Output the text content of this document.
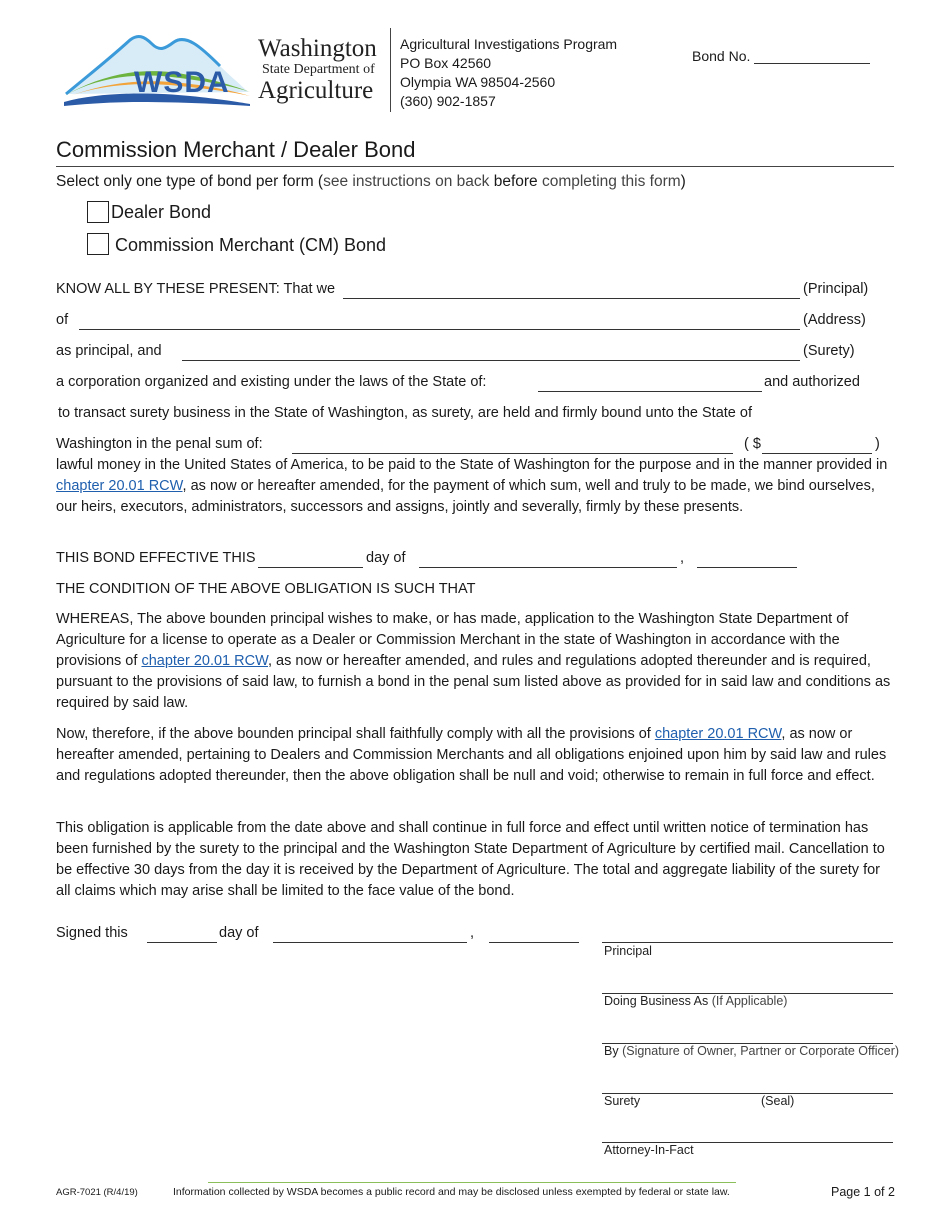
WSDA
Washington
State Department of
Agriculture
Agricultural Investigations Program
PO Box 42560
Olympia WA 98504-2560
(360) 902-1857
Bond No.
Commission Merchant / Dealer Bond
Select only one type of bond per form (see instructions on back before completing this form)
Dealer Bond
Commission Merchant (CM) Bond
KNOW ALL BY THESE PRESENT: That we	(Principal)
of	(Address)
as principal, and	(Surety)
a corporation organized and existing under the laws of the State of:	and authorized
to transact surety business in the State of Washington, as surety, are held and firmly bound unto the State of
Washington in the penal sum of:	( $	)
lawful money in the United States of America, to be paid to the State of Washington for the purpose and in the manner provided in chapter 20.01 RCW, as now or hereafter amended, for the payment of which sum, well and truly to be made, we bind ourselves, our heirs, executors, administrators, successors and assigns, jointly and severally, firmly by these presents.
THIS BOND EFFECTIVE THIS	day of	,
THE CONDITION OF THE ABOVE OBLIGATION IS SUCH THAT
WHEREAS, The above bounden principal wishes to make, or has made, application to the Washington State Department of Agriculture for a license to operate as a Dealer or Commission Merchant in the state of Washington in accordance with the provisions of chapter 20.01 RCW, as now or hereafter amended, and rules and regulations adopted thereunder and is required, pursuant to the provisions of said law, to furnish a bond in the penal sum listed above as provided for in said law and conditions as required by said law.
Now, therefore, if the above bounden principal shall faithfully comply with all the provisions of chapter 20.01 RCW, as now or hereafter amended, pertaining to Dealers and Commission Merchants and all obligations enjoined upon him by said law and rules and regulations adopted thereunder, then the above obligation shall be null and void; otherwise to remain in full force and effect.
This obligation is applicable from the date above and shall continue in full force and effect until written notice of termination has been furnished by the surety to the principal and the Washington State Department of Agriculture by certified mail. Cancellation to be effective 30 days from the day it is received by the Department of Agriculture. The total and aggregate liability of the surety for all claims which may arise shall be limited to the face value of the bond.
Signed this	day of	,
Principal
Doing Business As (If Applicable)
By (Signature of Owner, Partner or Corporate Officer)
Surety	(Seal)
Attorney-In-Fact
AGR-7021 (R/4/19)	Information collected by WSDA becomes a public record and may be disclosed unless exempted by federal or state law.	Page 1 of 2
